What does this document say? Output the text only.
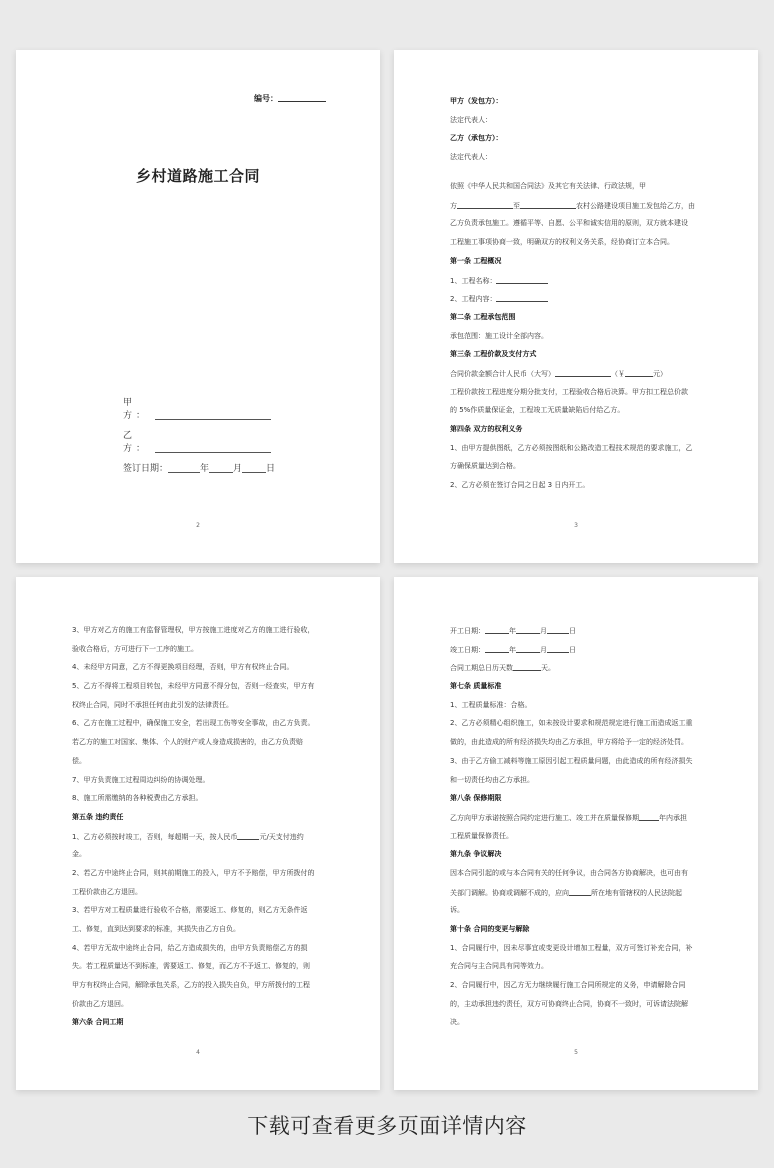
编号：
乡村道路施工合同
甲 方：
乙 方：
签订日期：	年	月	日
2
甲方（发包方）：
法定代表人：
乙方（承包方）：
法定代表人：
依照《中华人民共和国合同法》及其它有关法律、行政法规，甲
方	至	农村公路建设项目施工发包给乙方，由
乙方负责承包施工。遵循平等、自愿、公平和诚实信用的原则，双方就本建设
工程施工事项协商一致，明确双方的权利义务关系，经协商订立本合同。
第一条 工程概况
1、工程名称：
2、工程内容：
第二条 工程承包范围
承包范围：施工设计全部内容。
第三条 工程价款及支付方式
合同价款金额合计人民币（大写）	（￥	元）
工程价款按工程进度分期分批支付，工程验收合格后决算。甲方扣工程总价款
的 5%作质量保证金，工程竣工无质量缺陷后付给乙方。
第四条 双方的权利义务
1、由甲方提供图纸，乙方必须按图纸和公路改造工程技术规范的要求施工，乙
方确保质量达到合格。
2、乙方必须在签订合同之日起 3 日内开工。
3
3、甲方对乙方的施工有监督管理权，甲方按施工进度对乙方的施工进行验收，
验收合格后，方可进行下一工序的施工。
4、未经甲方同意，乙方不得更换项目经理，否则，甲方有权终止合同。
5、乙方不得将工程项目转包，未经甲方同意不得分包，否则一经查实，甲方有
权终止合同，同时不承担任何由此引发的法律责任。
6、乙方在施工过程中，确保施工安全，若出现工伤等安全事故，由乙方负责。
若乙方的施工对国家、集体、个人的财产或人身造成损害的，由乙方负责赔
偿。
7、甲方负责施工过程周边纠纷的协调处理。
8、施工所需缴纳的各种税费由乙方承担。
第五条 违约责任
1、乙方必须按时竣工，否则，每超期一天，按人民币	元/天支付违约
金。
2、若乙方中途终止合同，则其前期施工的投入，甲方不予赔偿，甲方所拨付的
工程价款由乙方退回。
3、若甲方对工程质量进行验收不合格，需要返工、修复的，则乙方无条件返
工、修复，直到达到要求的标准，其损失由乙方自负。
4、若甲方无故中途终止合同，给乙方造成损失的，由甲方负责赔偿乙方的损
失。若工程质量达不到标准，需要返工、修复，而乙方不予返工、修复的，则
甲方有权终止合同，解除承包关系，乙方的投入损失自负，甲方所拨付的工程
价款由乙方退回。
第六条 合同工期
4
开工日期：	年	月	日
竣工日期：	年	月	日
合同工期总日历天数	天。
第七条 质量标准
1、工程质量标准：合格。
2、乙方必须精心组织施工，如未按设计要求和规范规定进行施工而造成返工重
做的，由此造成的所有经济损失均由乙方承担，甲方将给予一定的经济处罚。
3、由于乙方偷工减料等施工原因引起工程质量问题，由此造成的所有经济损失
和一切责任均由乙方承担。
第八条 保修期限
乙方向甲方承诺按照合同约定进行施工、竣工并在质量保修期	年内承担
工程质量保修责任。
第九条 争议解决
因本合同引起的或与本合同有关的任何争议，由合同各方协商解决，也可由有
关部门调解。协商或调解不成的，应向	所在地有管辖权的人民法院起
诉。
第十条 合同的变更与解除
1、合同履行中，因未尽事宜或变更设计增加工程量，双方可签订补充合同，补
充合同与主合同具有同等效力。
2、合同履行中，因乙方无力继续履行施工合同所规定的义务，申请解除合同
的，主动承担违约责任，双方可协商终止合同，协商不一致时，可诉请法院解
决。
5
下载可查看更多页面详情内容
